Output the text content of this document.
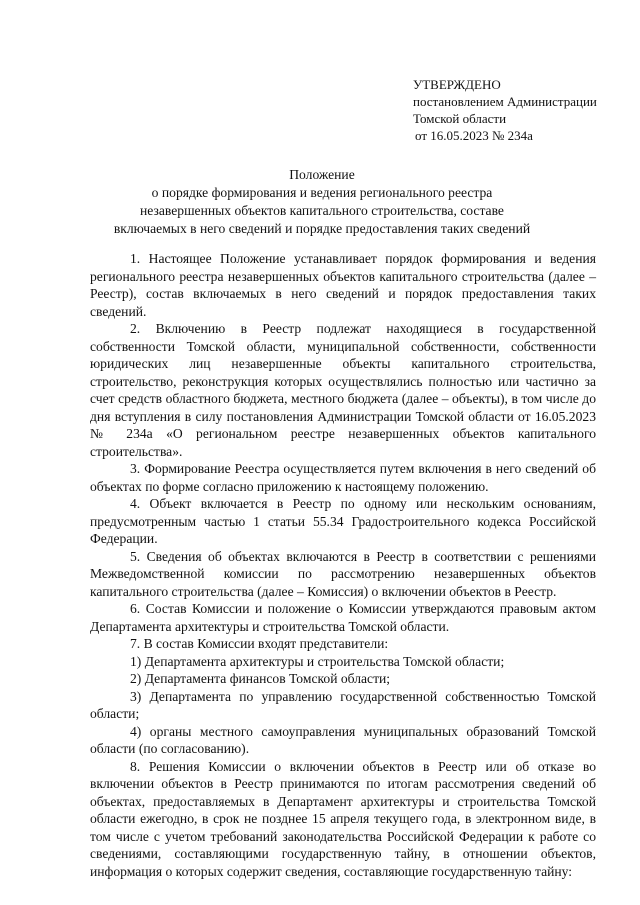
УТВЕРЖДЕНО
постановлением Администрации
Томской области
от 16.05.2023 № 234а
Положение
о порядке формирования и ведения регионального реестра
незавершенных объектов капитального строительства, составе
включаемых в него сведений и порядке предоставления таких сведений

1. Настоящее Положение устанавливает порядок формирования и ведения регионального реестра незавершенных объектов капитального строительства (далее – Реестр), состав включаемых в него сведений и порядок предоставления таких сведений.

2. Включению в Реестр подлежат находящиеся в государственной собственности Томской области, муниципальной собственности, собственности юридических лиц незавершенные объекты капитального строительства, строительство, реконструкция которых осуществлялись полностью или частично за счет средств областного бюджета, местного бюджета (далее – объекты), в том числе до дня вступления в силу постановления Администрации Томской области от 16.05.2023 № 234а «О региональном реестре незавершенных объектов капитального строительства».

3. Формирование Реестра осуществляется путем включения в него сведений об объектах по форме согласно приложению к настоящему положению.

4. Объект включается в Реестр по одному или нескольким основаниям, предусмотренным частью 1 статьи 55.34 Градостроительного кодекса Российской Федерации.

5. Сведения об объектах включаются в Реестр в соответствии с решениями Межведомственной комиссии по рассмотрению незавершенных объектов капитального строительства (далее – Комиссия) о включении объектов в Реестр.

6. Состав Комиссии и положение о Комиссии утверждаются правовым актом Департамента архитектуры и строительства Томской области.

7. В состав Комиссии входят представители:

1) Департамента архитектуры и строительства Томской области;

2) Департамента финансов Томской области;

3) Департамента по управлению государственной собственностью Томской области;

4) органы местного самоуправления муниципальных образований Томской области (по согласованию).

8. Решения Комиссии о включении объектов в Реестр или об отказе во включении объектов в Реестр принимаются по итогам рассмотрения сведений об объектах, предоставляемых в Департамент архитектуры и строительства Томской области ежегодно, в срок не позднее 15 апреля текущего года, в электронном виде, в том числе с учетом требований законодательства Российской Федерации к работе со сведениями, составляющими государственную тайну, в отношении объектов, информация о которых содержит сведения, составляющие государственную тайну:
